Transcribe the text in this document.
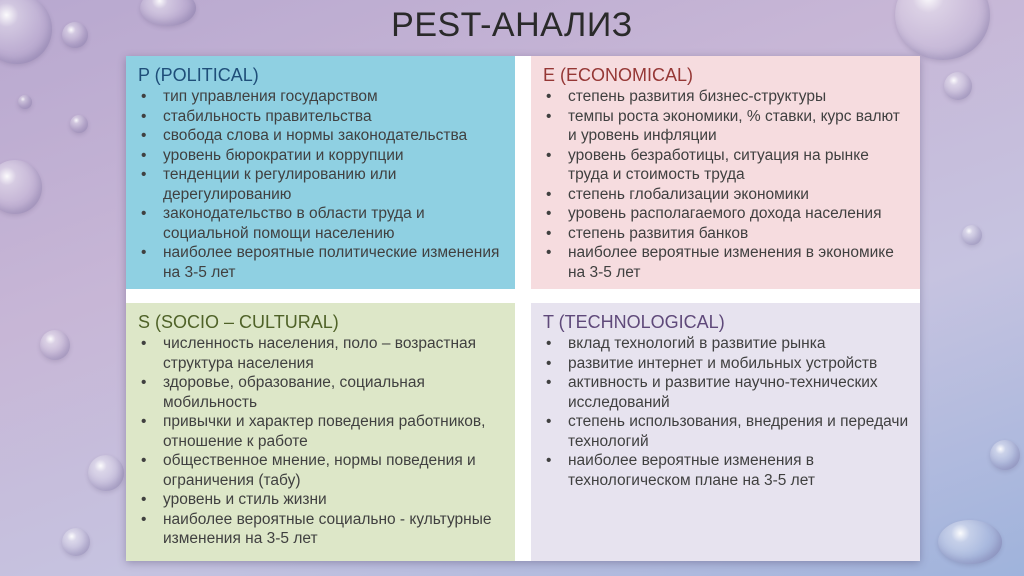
PEST-АНАЛИЗ
P (POLITICAL)
• тип управления государством
• стабильность правительства
• свобода слова и нормы законодательства
• уровень бюрократии и коррупции
• тенденции к регулированию или дерегулированию
• законодательство в области труда и социальной помощи населению
• наиболее вероятные политические изменения на 3-5 лет
E (ECONOMICAL)
• степень развития бизнес-структуры
• темпы роста экономики, % ставки, курс валют и уровень инфляции
• уровень безработицы, ситуация на рынке труда и стоимость труда
• степень глобализации экономики
• уровень располагаемого дохода населения
• степень развития банков
• наиболее вероятные изменения в экономике на 3-5 лет
S (SOCIO – CULTURAL)
• численность населения, поло – возрастная структура населения
• здоровье, образование, социальная мобильность
• привычки и характер поведения работников, отношение к работе
• общественное мнение, нормы поведения и ограничения (табу)
• уровень и стиль жизни
• наиболее вероятные социально - культурные изменения на 3-5 лет
T (TECHNOLOGICAL)
• вклад технологий в развитие рынка
• развитие интернет и мобильных устройств
• активность и развитие научно-технических исследований
• степень использования, внедрения и передачи технологий
• наиболее вероятные изменения в технологическом плане на 3-5 лет
